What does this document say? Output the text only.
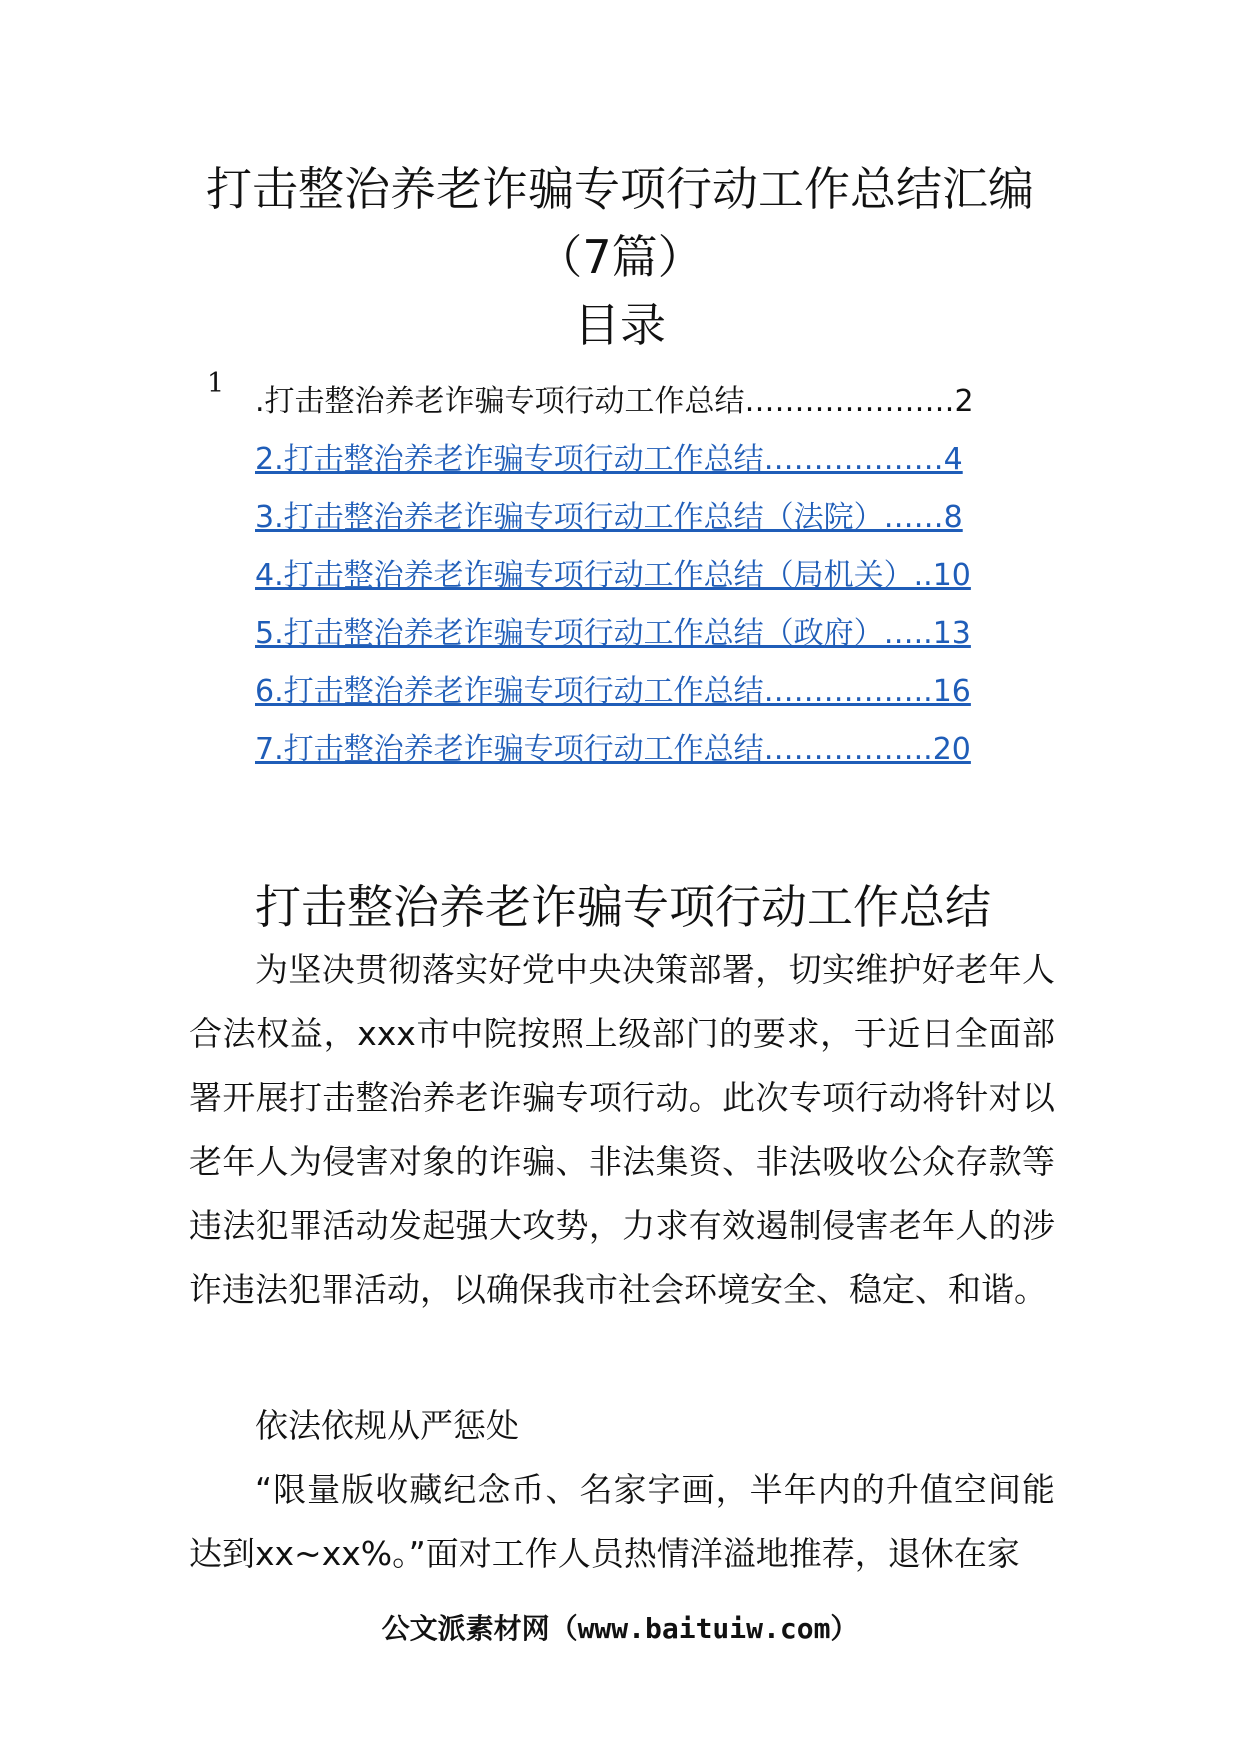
打击整治养老诈骗专项行动工作总结汇编
（7篇）
目录
1
.打击整治养老诈骗专项行动工作总结…………………2
2.打击整治养老诈骗专项行动工作总结………………4
3.打击整治养老诈骗专项行动工作总结（法院）……8
4.打击整治养老诈骗专项行动工作总结（局机关）..10
5.打击整治养老诈骗专项行动工作总结（政府）…..13
6.打击整治养老诈骗专项行动工作总结……………..16
7.打击整治养老诈骗专项行动工作总结……………..20
打击整治养老诈骗专项行动工作总结

为坚决贯彻落实好党中央决策部署，切实维护好老年人合法权益，xxx市中院按照上级部门的要求，于近日全面部署开展打击整治养老诈骗专项行动。此次专项行动将针对以老年人为侵害对象的诈骗、非法集资、非法吸收公众存款等违法犯罪活动发起强大攻势，力求有效遏制侵害老年人的涉诈违法犯罪活动，以确保我市社会环境安全、稳定、和谐。

依法依规从严惩处

“限量版收藏纪念币、名家字画，半年内的升值空间能达到xx~xx%。”面对工作人员热情洋溢地推荐，退休在家

公文派素材网（www.baituiw.com）
